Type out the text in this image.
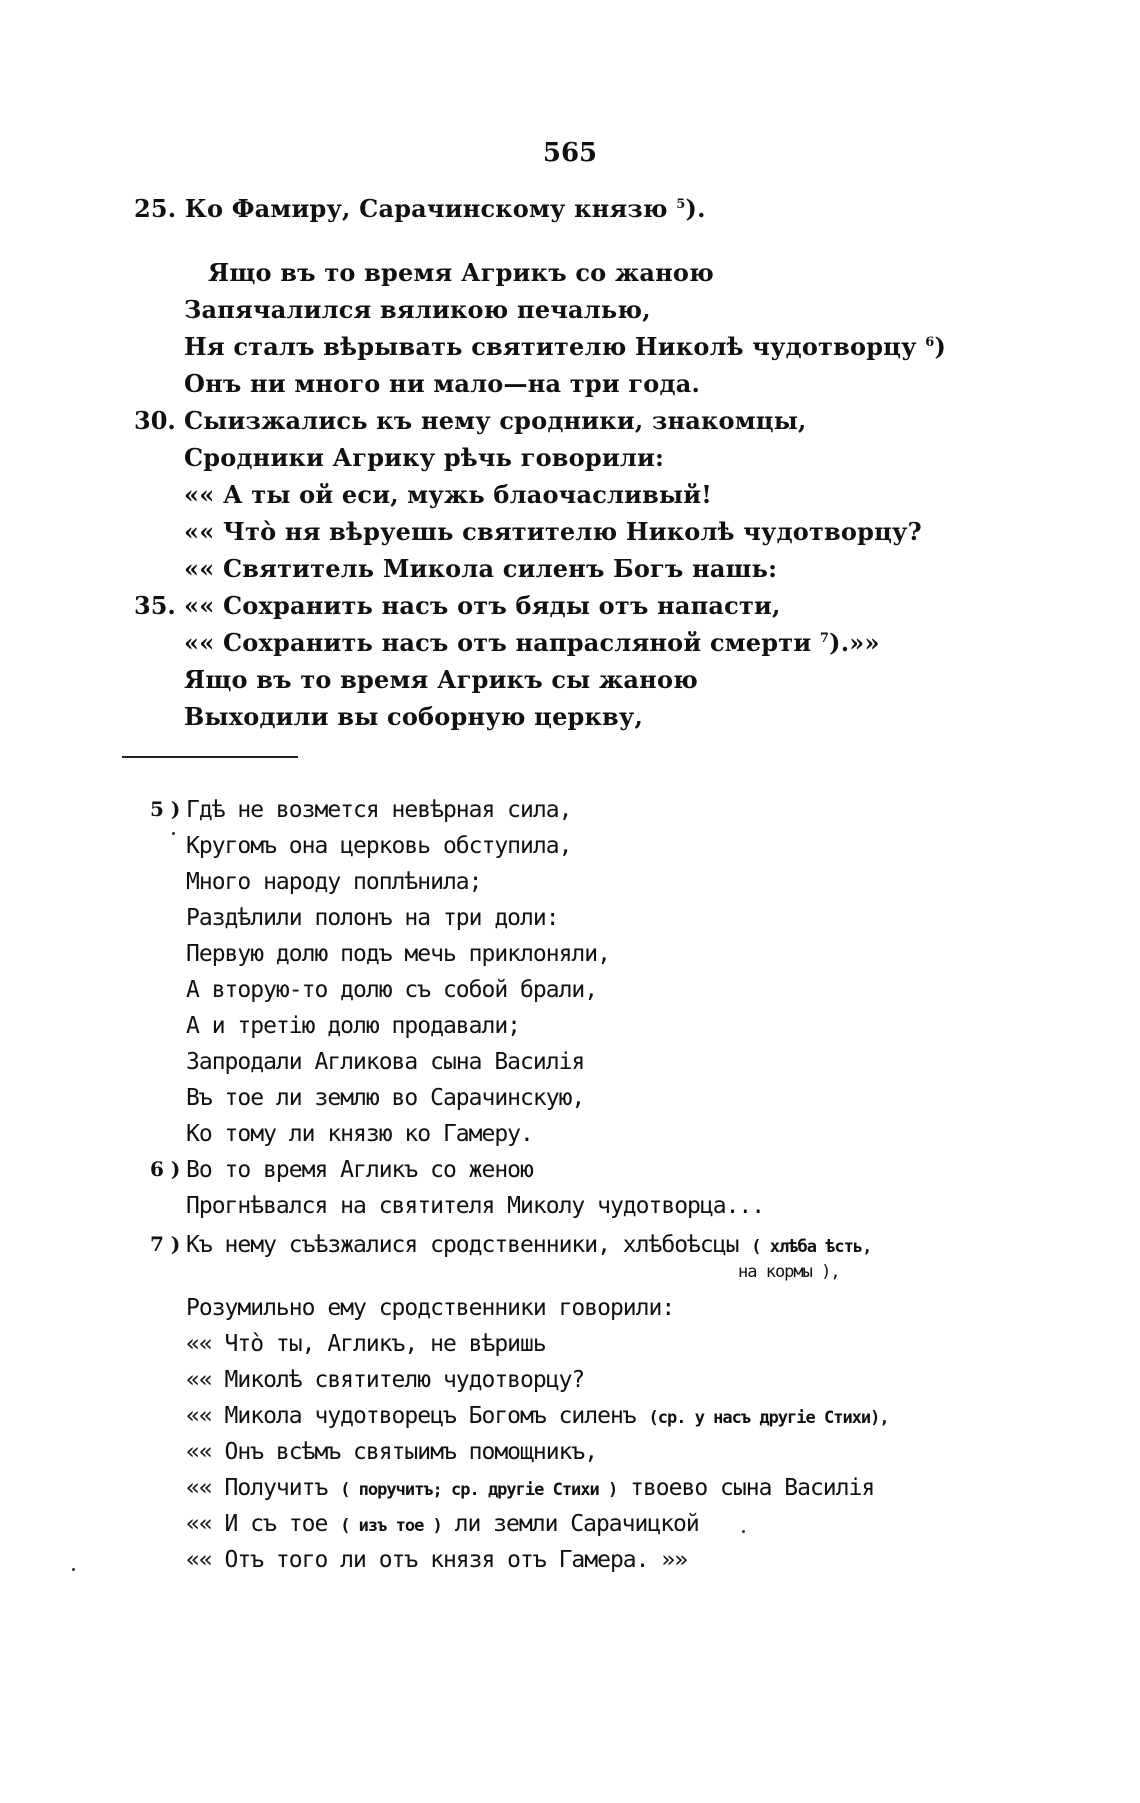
565
25. Ко Фамиру, Сарачинскому князю $^5$).
Ящо въ то время Агрикъ со жаною
Запячалился вяликою печалью,
Ня сталъ вѣрывать святителю Николѣ чудотворцу $^6$)
Онъ ни много ни мало—на три года.
30. Сыизжались къ нему сродники, знакомцы,
Сродники Агрику рѣчь говорили:
«« А ты ой еси, мужь блаочасливый!
«« Чтò ня вѣруешь святителю Николѣ чудотворцу?
«« Святитель Микола силенъ Богъ нашь:
35. «« Сохранить насъ отъ бяды отъ напасти,
«« Сохранить насъ отъ напрасляной смерти $^7$).»»
Ящо въ то время Агрикъ сы жаною
Выходили вы соборную церкву,
5 ) Гдѣ не возмется невѣрная сила,
Кругомъ она церковь обступила,
Много народу поплѣнила;
Раздѣлили полонъ на три доли:
Первую долю подъ мечь приклоняли,
А вторую-то долю съ собой брали,
А и третію долю продавали;
Запродали Агликова сына Василія
Въ тое ли землю во Сарачинскую,
Ко тому ли князю ко Гамеру.
6 ) Во то время Агликъ со женою
Прогнѣвался на святителя Миколу чудотворца...
7 ) Къ нему съѣзжалися сродственники, хлѣбоѣсцы ( хлѣба ѣсть,
на кормы ),
Розумильно ему сродственники говорили:
«« Чтò ты, Агликъ, не вѣришь
«« Миколѣ святителю чудотворцу?
«« Микола чудотворецъ Богомъ силенъ (ср. у насъ другіе Стихи),
«« Онъ всѣмъ святыимъ помощникъ,
«« Получитъ ( поручитъ; ср. другіе Стихи ) твоево сына Василія
«« И съ тое ( изъ тое ) ли земли Сарачицкой
«« Отъ того ли отъ князя отъ Гамера. »»
